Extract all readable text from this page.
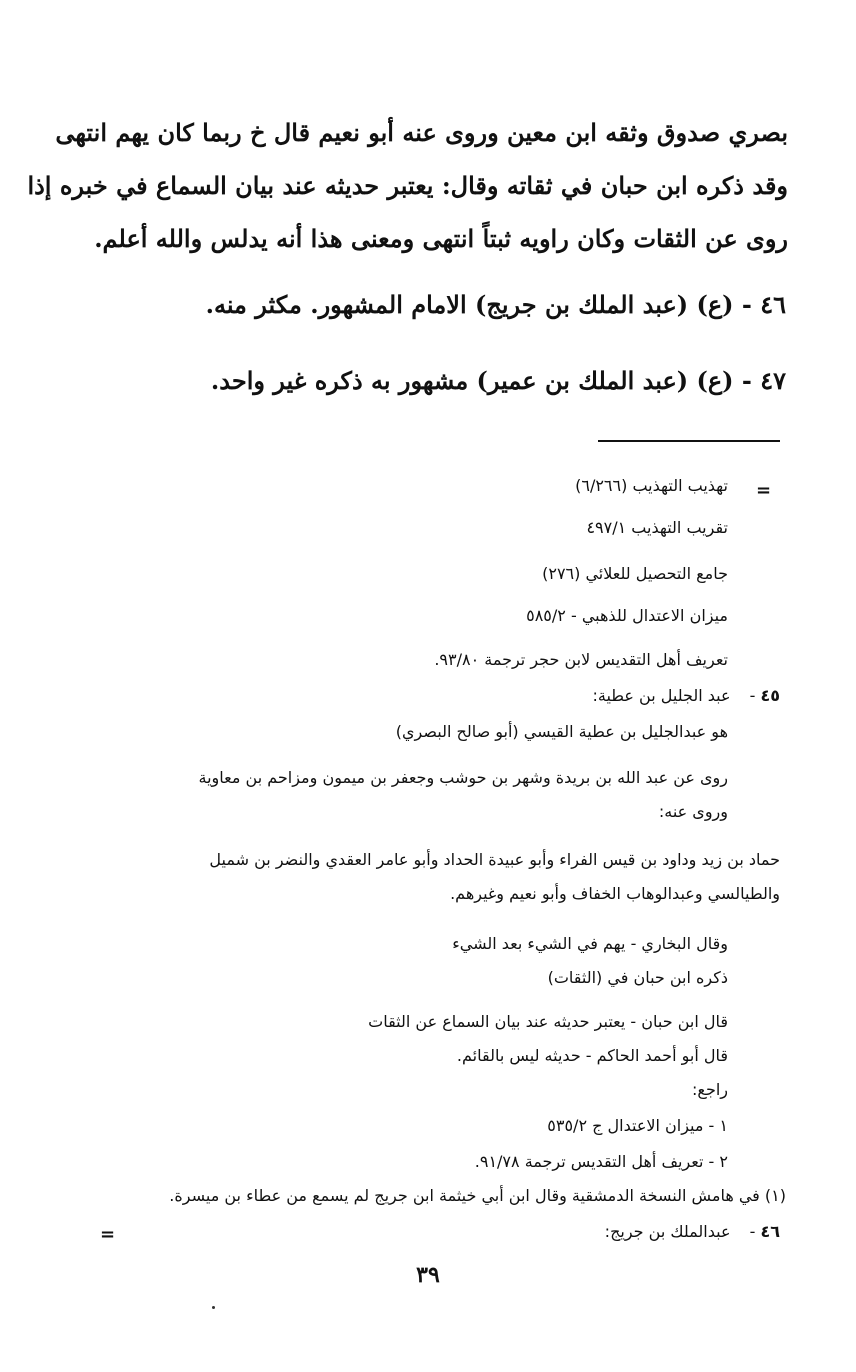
بصري صدوق وثقه ابن معين وروى عنه أبو نعيم قال خ ربما كان يهم انتهى
وقد ذكره ابن حبان في ثقاته وقال: يعتبر حديثه عند بيان السماع في خبره إذا
روى عن الثقات وكان راويه ثبتاً انتهى ومعنى هذا أنه يدلس والله أعلم.
٤٦ - (ع) (عبد الملك بن جريج) الامام المشهور. مكثر منه.
٤٧ - (ع) (عبد الملك بن عمير) مشهور به ذكره غير واحد.
=
تهذيب التهذيب (٦/٢٦٦)
تقريب التهذيب ٤٩٧/١
جامع التحصيل للعلائي (٢٧٦)
ميزان الاعتدال للذهبي - ٥٨٥/٢
تعريف أهل التقديس لابن حجر ترجمة ٩٣/٨٠.
٤٥ - عبد الجليل بن عطية:
هو عبدالجليل بن عطية القيسي (أبو صالح البصري)
روى عن عبد الله بن بريدة وشهر بن حوشب وجعفر بن ميمون ومزاحم بن معاوية
وروى عنه:
حماد بن زيد وداود بن قيس الفراء وأبو عبيدة الحداد وأبو عامر العقدي والنضر بن شميل
والطيالسي وعبدالوهاب الخفاف وأبو نعيم وغيرهم.
وقال البخاري - يهم في الشيء بعد الشيء
ذكره ابن حبان في (الثقات)
قال ابن حبان - يعتبر حديثه عند بيان السماع عن الثقات
قال أبو أحمد الحاكم - حديثه ليس بالقائم.
راجع:
١ - ميزان الاعتدال ج ٥٣٥/٢
٢ - تعريف أهل التقديس ترجمة ٩١/٧٨.
(١) في هامش النسخة الدمشقية وقال ابن أبي خيثمة ابن جريج لم يسمع من عطاء بن ميسرة.
٤٦ - عبدالملك بن جريج:
=
٣٩
